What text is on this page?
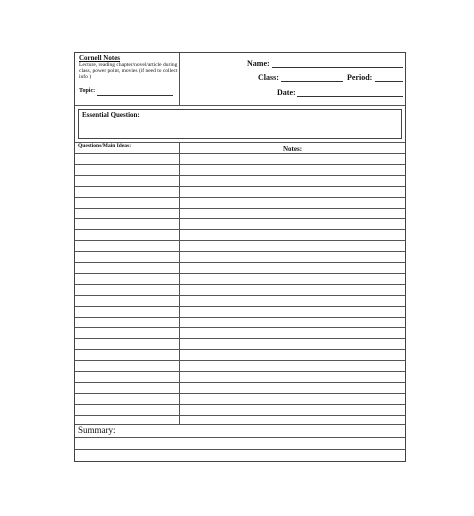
Cornell Notes
Lecture, reading chapter/novel/article during class, power point, movies (if need to collect info )
Topic:
Name:
Class:	Period:
Date:
Essential Question:
Questions/Main Ideas:	Notes:
Summary:
